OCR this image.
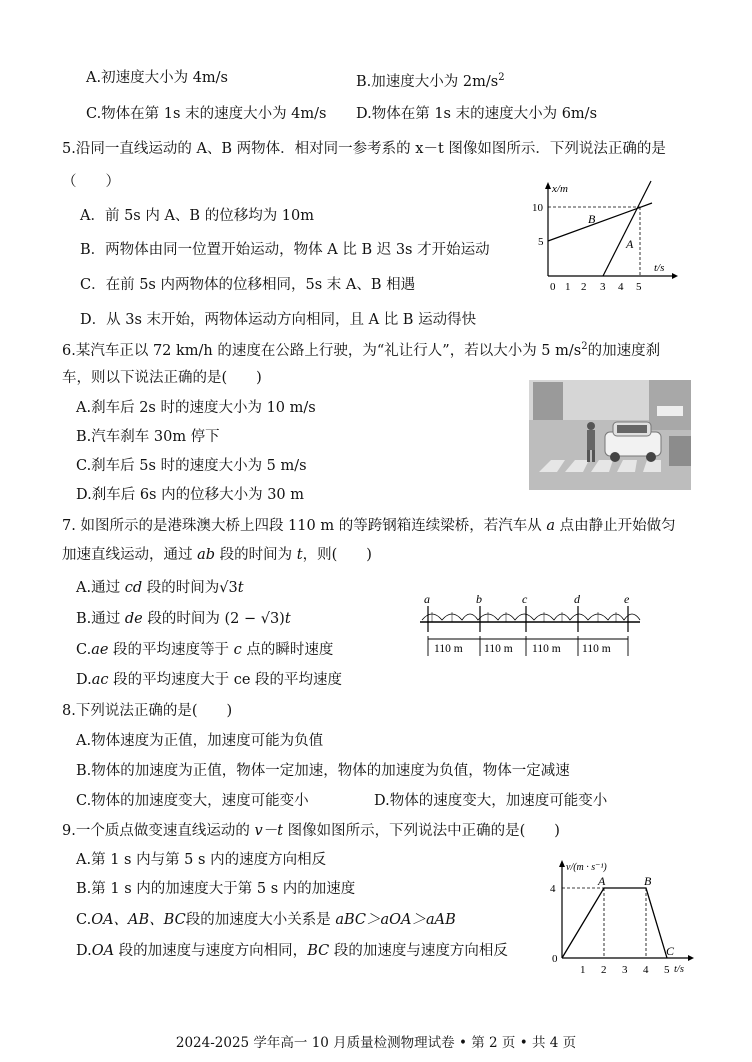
A.初速度大小为 4m/s	B.加速度大小为 $2m/s^2$
C.物体在第 1s 末的速度大小为 4m/s D.物体在第 1s 末的速度大小为 6m/s
5.沿同一直线运动的 A、B 两物体．相对同一参考系的 x－t 图像如图所示．下列说法正确的是
（　　）
A．前 5s 内 A、B 的位移均为 10m
B．两物体由同一位置开始运动，物体 A 比 B 迟 3s 才开始运动
C．在前 5s 内两物体的位移相同，5s 末 A、B 相遇
D．从 3s 末开始，两物体运动方向相同，且 A 比 B 运动得快
x/m
t/s
10
5
0 1 2 3 4 5
B
A
6.某汽车正以 72 km/h 的速度在公路上行驶，为“礼让行人”，若以大小为 5 $m/s^2$的加速度刹
车，则以下说法正确的是(　　)
A.刹车后 2s 时的速度大小为 10 m/s
B.汽车刹车 30m 停下
C.刹车后 5s 时的速度大小为 5 m/s
D.刹车后 6s 内的位移大小为 30 m
7. 如图所示的是港珠澳大桥上四段 110 m 的等跨钢箱连续梁桥，若汽车从 a 点由静止开始做匀
加速直线运动，通过 ab 段的时间为 t，则(　　)
A.通过 cd 段的时间为√3t
B.通过 de 段的时间为 (2 − √3)t
C.ae 段的平均速度等于 c 点的瞬时速度
D.ac 段的平均速度大于 ce 段的平均速度
a	b	c	d	e
110 m 110 m 110 m 110 m
8.下列说法正确的是(　　)
A.物体速度为正值，加速度可能为负值
B.物体的加速度为正值，物体一定加速，物体的加速度为负值，物体一定减速
C.物体的加速度变大，速度可能变小	D.物体的速度变大，加速度可能变小
9.一个质点做变速直线运动的 v－t 图像如图所示，下列说法中正确的是(　　)
A.第 1 s 内与第 5 s 内的速度方向相反
B.第 1 s 内的加速度大于第 5 s 内的加速度
C.OA、AB、BC段的加速度大小关系是 aBC＞aOA＞aAB
D.OA 段的加速度与速度方向相同，BC 段的加速度与速度方向相反
v/(m · s⁻¹)
t/s
4
0
1 2 3 4 5
A	B
C
2024-2025 学年高一 10 月质量检测物理试卷 • 第 2 页 • 共 4 页
